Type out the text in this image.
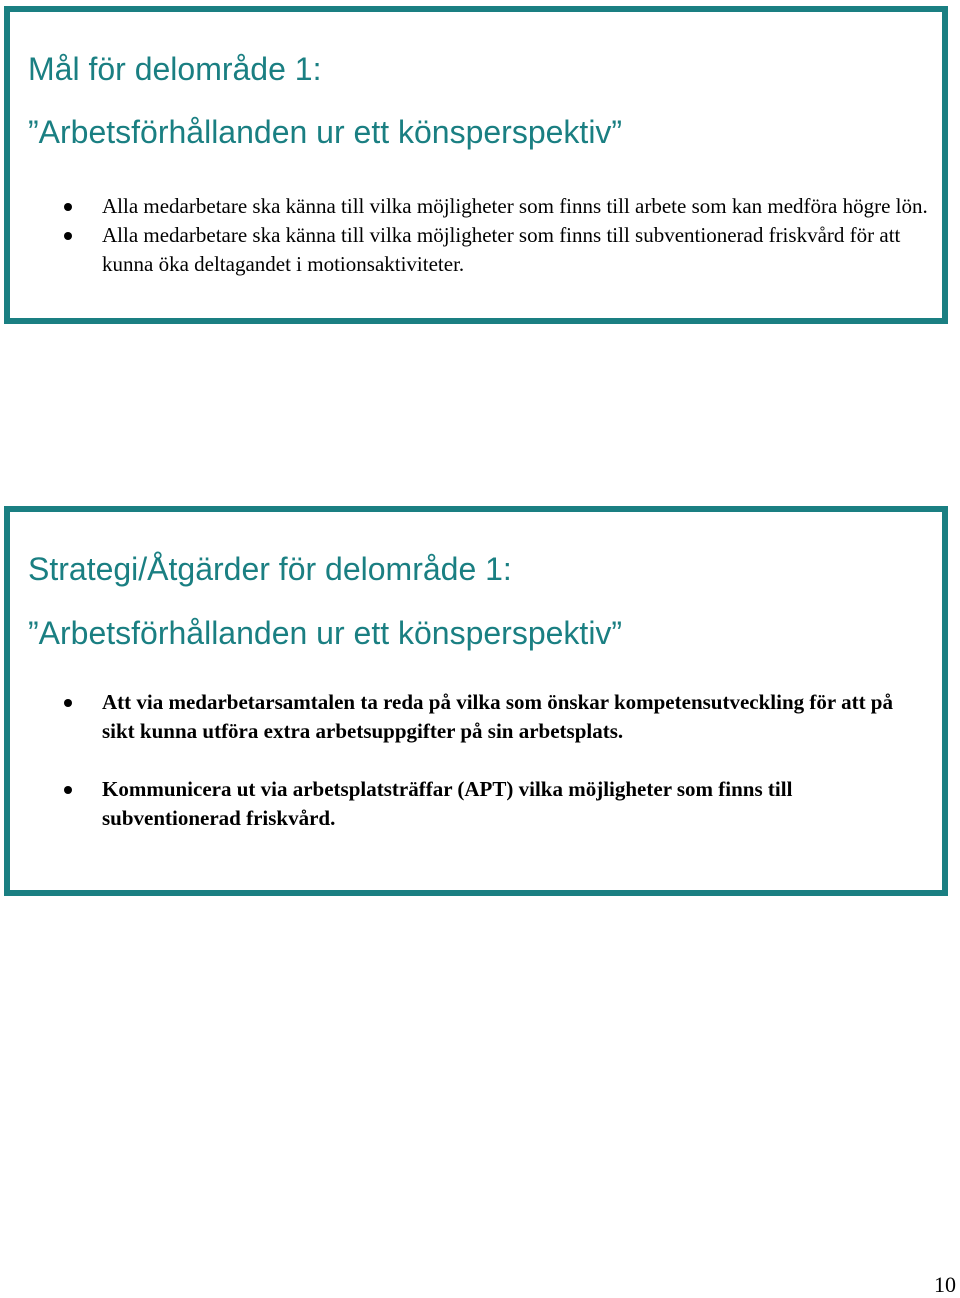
Mål för delområde 1:
”Arbetsförhållanden ur ett könsperspektiv”
Alla medarbetare ska känna till vilka möjligheter som finns till arbete som kan medföra högre lön.
Alla medarbetare ska känna till vilka möjligheter som finns till subventionerad friskvård för att kunna öka deltagandet i motionsaktiviteter.
Strategi/Åtgärder för delområde 1:
”Arbetsförhållanden ur ett könsperspektiv”
Att via medarbetarsamtalen ta reda på vilka som önskar kompetensutveckling för att på sikt kunna utföra extra arbetsuppgifter på sin arbetsplats.
Kommunicera ut via arbetsplatsträffar (APT) vilka möjligheter som finns till subventionerad friskvård.
10
